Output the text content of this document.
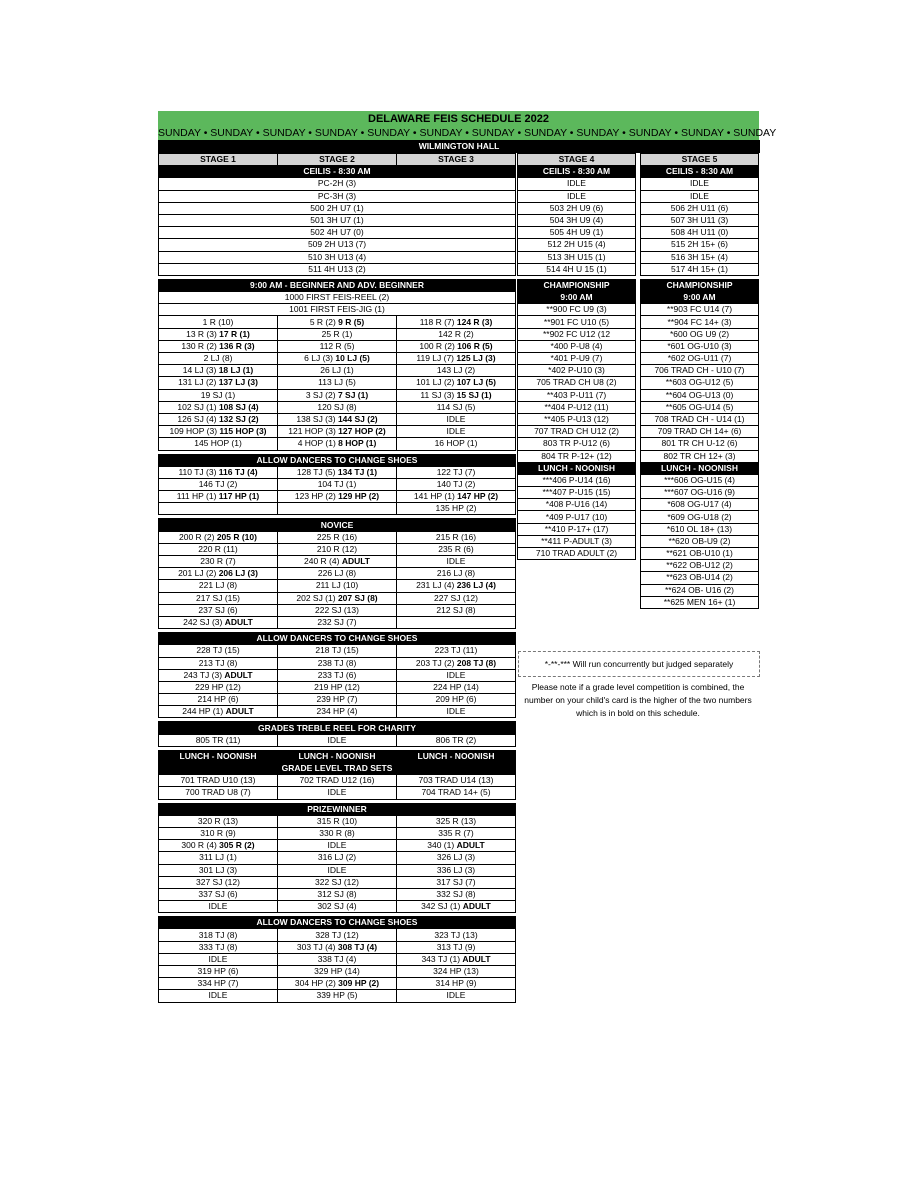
DELAWARE FEIS SCHEDULE 2022
SUNDAY • SUNDAY • SUNDAY • SUNDAY • SUNDAY • SUNDAY • SUNDAY • SUNDAY • SUNDAY • SUNDAY • SUNDAY • SUNDAY
WILMINGTON HALL
STAGE 1	STAGE 2	STAGE 3
CEILIS - 8:30 AM		
PC-2H (3)		
PC-3H (3)		
500 2H U7 (1)		
501 3H U7 (1)		
502 4H U7 (0)		
509 2H U13 (7)		
510 3H U13 (4)		
511 4H U13 (2)		

9:00 AM - BEGINNER AND ADV. BEGINNER		
1000 FIRST FEIS-REEL (2)		
1001 FIRST FEIS-JIG (1)		
1 R (10)	5 R (2) 9 R (5)	118 R (7) 124 R (3)
13 R (3) 17 R (1)	25 R (1)	142 R (2)
130 R (2) 136 R (3)	112 R (5)	100 R (2) 106 R (5)
2 LJ (8)	6 LJ (3) 10 LJ (5)	119 LJ (7) 125 LJ (3)
14 LJ (3) 18 LJ (1)	26 LJ (1)	143 LJ (2)
131 LJ (2) 137 LJ (3)	113 LJ (5)	101 LJ (2) 107 LJ (5)
19 SJ (1)	3 SJ (2) 7 SJ (1)	11 SJ (3) 15 SJ (1)
102 SJ (1) 108 SJ (4)	120 SJ (8)	114 SJ (5)
126 SJ (4) 132 SJ (2)	138 SJ (3) 144 SJ (2)	IDLE
109 HOP (3) 115 HOP (3)	121 HOP (3) 127 HOP (2)	IDLE
145 HOP (1)	4 HOP (1) 8 HOP (1)	16 HOP (1)

ALLOW DANCERS TO CHANGE SHOES		
110 TJ (3) 116 TJ (4)	128 TJ (5) 134 TJ (1)	122 TJ (7)
146 TJ (2)	104 TJ (1)	140 TJ (2)
111 HP (1) 117 HP (1)	123 HP (2) 129 HP (2)	141 HP (1) 147 HP (2)
		135 HP (2)

NOVICE		
200 R (2) 205 R (10)	225 R (16)	215 R (16)
220 R (11)	210 R (12)	235 R (6)
230 R (7)	240 R (4) ADULT	IDLE
201 LJ (2) 206 LJ (3)	226 LJ (8)	216 LJ (8)
221 LJ (8)	211 LJ (10)	231 LJ (4) 236 LJ (4)
217 SJ (15)	202 SJ (1) 207 SJ (8)	227 SJ (12)
237 SJ (6)	222 SJ (13)	212 SJ (8)
242 SJ (3) ADULT	232 SJ (7)	

ALLOW DANCERS TO CHANGE SHOES		
228 TJ (15)	218 TJ (15)	223 TJ (11)
213 TJ (8)	238 TJ (8)	203 TJ (2) 208 TJ (8)
243 TJ (3) ADULT	233 TJ (6)	IDLE
229 HP (12)	219 HP (12)	224 HP (14)
214 HP (6)	239 HP (7)	209 HP (6)
244 HP (1) ADULT	234 HP (4)	IDLE

GRADES TREBLE REEL FOR CHARITY		
805 TR (11)	IDLE	806 TR (2)

LUNCH - NOONISH	LUNCH - NOONISH	LUNCH - NOONISH
GRADE LEVEL TRAD SETS		
701 TRAD U10 (13)	702 TRAD U12 (16)	703 TRAD U14 (13)
700 TRAD U8 (7)	IDLE	704 TRAD 14+ (5)

PRIZEWINNER		
320 R (13)	315 R (10)	325 R (13)
310 R (9)	330 R (8)	335 R (7)
300 R (4) 305 R (2)	IDLE	340 (1) ADULT
311 LJ (1)	316 LJ (2)	326 LJ (3)
301 LJ (3)	IDLE	336 LJ (3)
327 SJ (12)	322 SJ (12)	317 SJ (7)
337 SJ (6)	312 SJ (8)	332 SJ (8)
IDLE	302 SJ (4)	342 SJ (1) ADULT

ALLOW DANCERS TO CHANGE SHOES		
318 TJ (8)	328 TJ (12)	323 TJ (13)
333 TJ (8)	303 TJ (4) 308 TJ (4)	313 TJ (9)
IDLE	338 TJ (4)	343 TJ (1) ADULT
319 HP (6)	329 HP (14)	324 HP (13)
334 HP (7)	304 HP (2) 309 HP (2)	314 HP (9)
IDLE	339 HP (5)	IDLE
STAGE 4
CEILIS - 8:30 AM
IDLE
IDLE
503 2H U9 (6)
504 3H U9 (4)
505 4H U9 (1)
512 2H U15 (4)
513 3H U15 (1)
514 4H U 15 (1)

CHAMPIONSHIP
9:00 AM
**900 FC U9 (3)
**901 FC U10 (5)
**902 FC U12 (12
*400 P-U8 (4)
*401 P-U9 (7)
*402 P-U10 (3)
705 TRAD CH U8 (2)
**403 P-U11 (7)
**404 P-U12 (11)
**405 P-U13 (12)
707 TRAD CH U12 (2)
803 TR P-U12 (6)
804 TR P-12+ (12)
LUNCH - NOONISH
***406 P-U14 (16)
***407 P-U15 (15)
*408 P-U16 (14)
*409 P-U17 (10)
**410 P-17+ (17)
**411 P-ADULT (3)
710 TRAD ADULT (2)
STAGE 5
CEILIS - 8:30 AM
IDLE
IDLE
506 2H U11 (6)
507 3H U11 (3)
508 4H U11 (0)
515 2H 15+ (6)
516 3H 15+ (4)
517 4H 15+ (1)

CHAMPIONSHIP
9:00 AM
**903 FC U14 (7)
**904 FC 14+ (3)
*600 OG U9 (2)
*601 OG-U10 (3)
*602 OG-U11 (7)
706 TRAD CH - U10 (7)
**603 OG-U12 (5)
**604 OG-U13 (0)
**605 OG-U14 (5)
708 TRAD CH - U14 (1)
709 TRAD CH 14+ (6)
801 TR CH U-12 (6)
802 TR CH 12+ (3)
LUNCH - NOONISH
***606 OG-U15 (4)
***607 OG-U16 (9)
*608 OG-U17 (4)
*609 OG-U18 (2)
*610 OL 18+ (13)
**620 OB-U9 (2)
**621 OB-U10 (1)
**622 OB-U12 (2)
**623 OB-U14 (2)
**624 OB- U16 (2)
**625 MEN 16+ (1)
*-**-*** Will run concurrently but judged separately
Please note if a grade level competition is combined, the number on your child's card is the higher of the two numbers which is in bold on this schedule.
